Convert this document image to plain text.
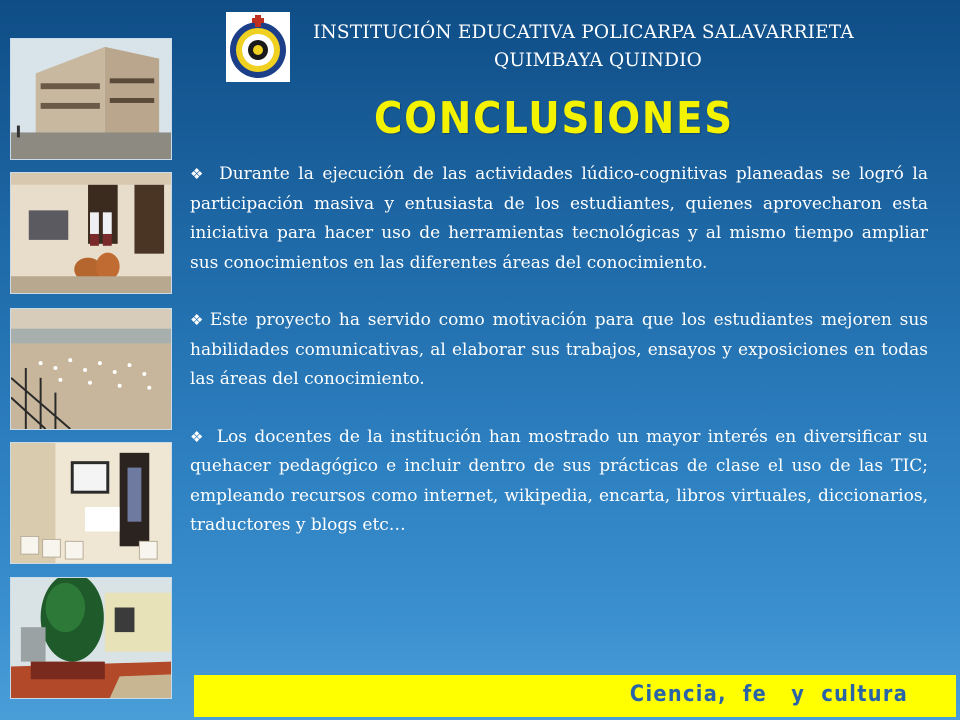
INSTITUCIÓN EDUCATIVA POLICARPA SALAVARRIETA
QUIMBAYA QUINDIO
CONCLUSIONES

❖ Durante la ejecución de las actividades lúdico-cognitivas planeadas se logró la participación masiva y entusiasta de los estudiantes, quienes aprovecharon esta iniciativa para hacer uso de herramientas tecnológicas y al mismo tiempo ampliar sus conocimientos en las diferentes áreas del conocimiento.

❖ Este proyecto ha servido como motivación para que los estudiantes mejoren sus habilidades comunicativas, al elaborar sus trabajos, ensayos y exposiciones en todas las áreas del conocimiento.

❖ Los docentes de la institución han mostrado un mayor interés en diversificar su quehacer pedagógico e incluir dentro de sus prácticas de clase el uso de las TIC; empleando recursos como internet, wikipedia, encarta, libros virtuales, diccionarios, traductores y blogs etc…

Ciencia,  fe   y  cultura
